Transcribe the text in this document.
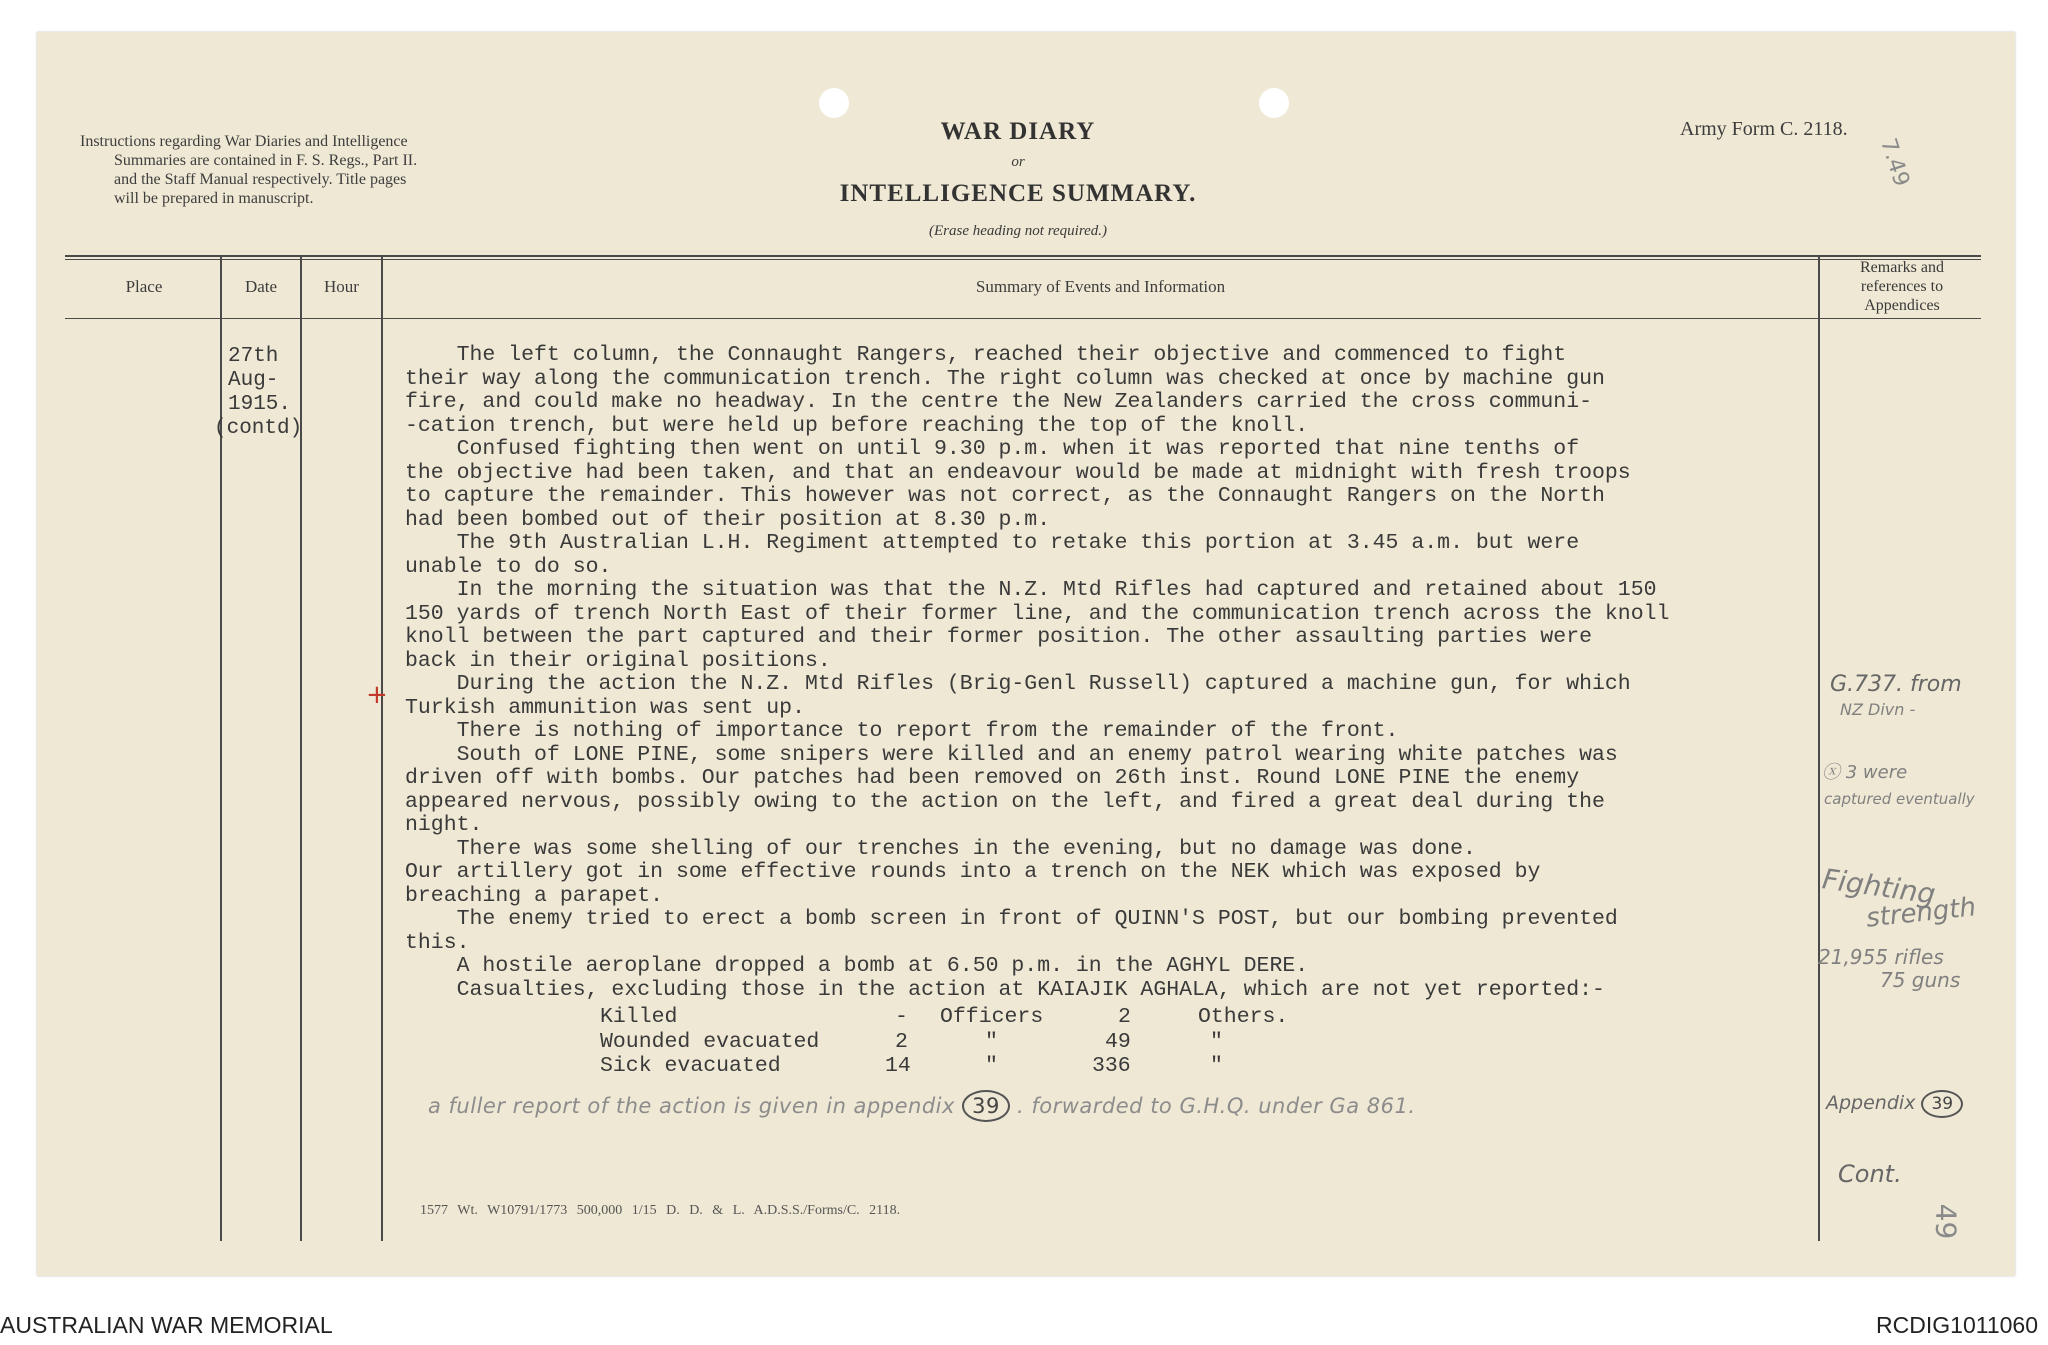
Instructions regarding War Diaries and Intelligence
Summaries are contained in F. S. Regs., Part II.
and the Staff Manual respectively. Title pages
will be prepared in manuscript.
WAR DIARY
or
INTELLIGENCE SUMMARY.
(Erase heading not required.)
Army Form C. 2118.
7.49
Place	Date	Hour	Summary of Events and Information
Remarks and
references to
Appendices
27th
Aug-
1915.
(contd)
+
The left column, the Connaught Rangers, reached their objective and commenced to fight
their way along the communication trench. The right column was checked at once by machine gun
fire, and could make no headway. In the centre the New Zealanders carried the cross communi-
-cation trench, but were held up before reaching the top of the knoll.
Confused fighting then went on until 9.30 p.m. when it was reported that nine tenths of
the objective had been taken, and that an endeavour would be made at midnight with fresh troops
to capture the remainder. This however was not correct, as the Connaught Rangers on the North
had been bombed out of their position at 8.30 p.m.
The 9th Australian L.H. Regiment attempted to retake this portion at 3.45 a.m. but were
unable to do so.
In the morning the situation was that the N.Z. Mtd Rifles had captured and retained about 150
150 yards of trench North East of their former line, and the communication trench across the knoll
knoll between the part captured and their former position. The other assaulting parties were
back in their original positions.
During the action the N.Z. Mtd Rifles (Brig-Genl Russell) captured a machine gun, for which
Turkish ammunition was sent up.
There is nothing of importance to report from the remainder of the front.
South of LONE PINE, some snipers were killed and an enemy patrol wearing white patches was
driven off with bombs. Our patches had been removed on 26th inst. Round LONE PINE the enemy
appeared nervous, possibly owing to the action on the left, and fired a great deal during the
night.
There was some shelling of our trenches in the evening, but no damage was done.
Our artillery got in some effective rounds into a trench on the NEK which was exposed by
breaching a parapet.
The enemy tried to erect a bomb screen in front of QUINN'S POST, but our bombing prevented
this.
A hostile aeroplane dropped a bomb at 6.50 p.m. in the AGHYL DERE.
Casualties, excluding those in the action at KAIAJIK AGHALA, which are not yet reported:-
Killed	- Officers	2	Others.
Wounded evacuated	2	"	49	"
Sick evacuated	14	"	336	"
a fuller report of the action is given in appendix 39 . forwarded to G.H.Q. under Ga 861.
G.737. from
NZ Divn -
ⓧ 3 were
captured eventually
Fighting
strength
21,955 rifles
75 guns
Appendix 39
Cont.
1577 Wt. W10791/1773 500,000 1/15 D. D. & L. A.D.S.S./Forms/C. 2118.	49
AUSTRALIAN WAR MEMORIAL	RCDIG1011060
